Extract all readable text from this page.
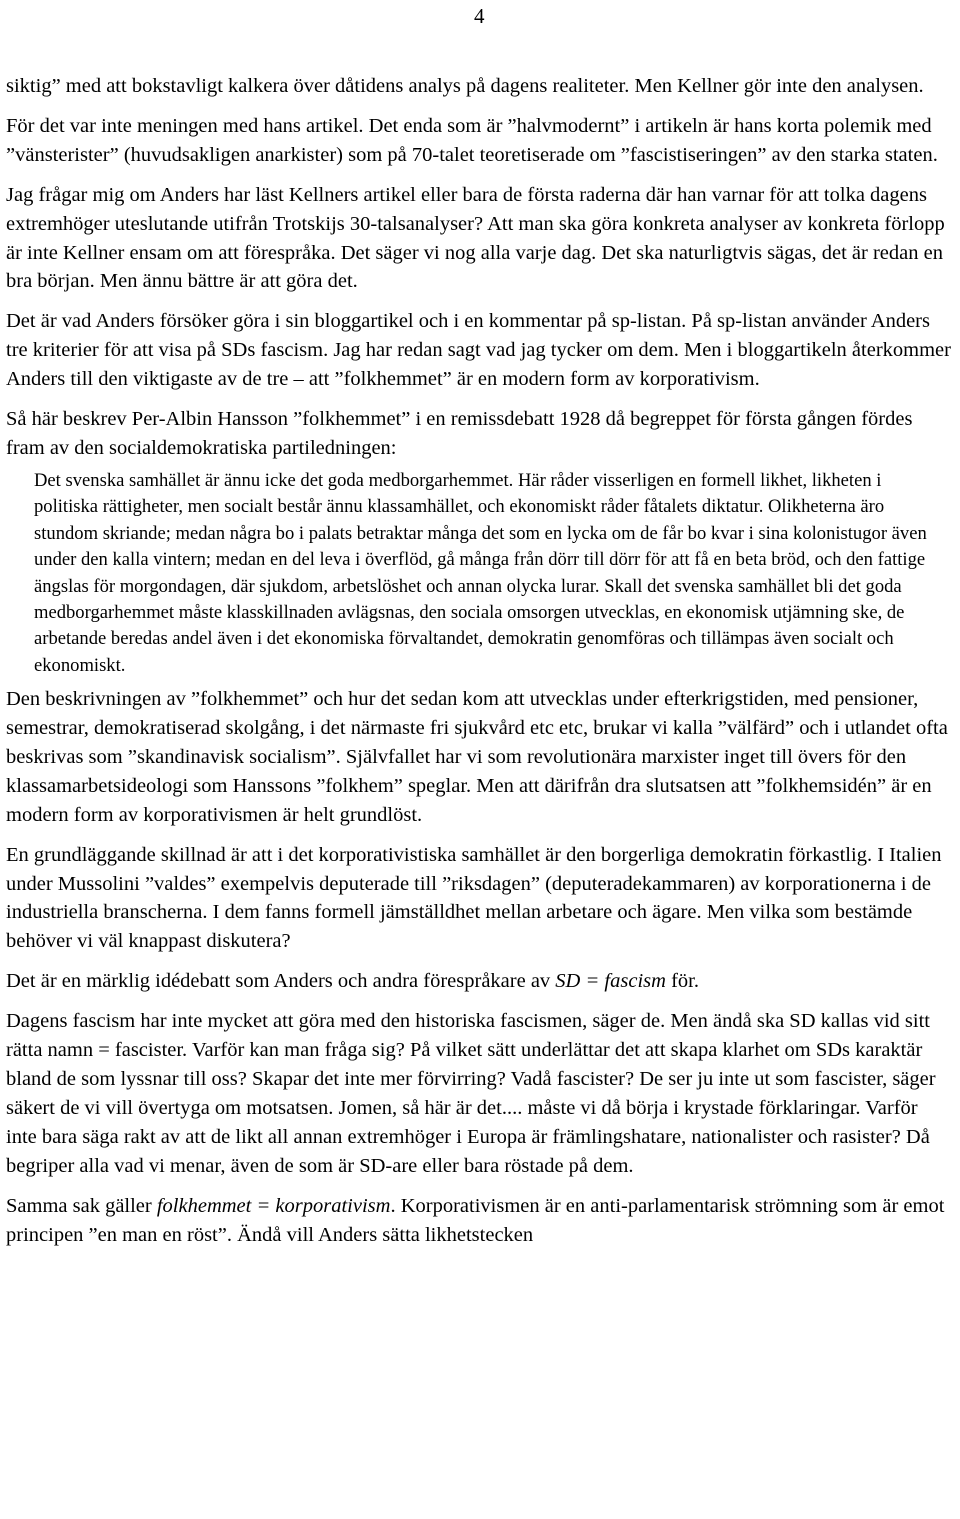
4

siktig” med att bokstavligt kalkera över dåtidens analys på dagens realiteter. Men Kellner gör inte den analysen.

För det var inte meningen med hans artikel. Det enda som är ”halvmodernt” i artikeln är hans korta polemik med ”vänsterister” (huvudsakligen anarkister) som på 70-talet teoretiserade om ”fascistiseringen” av den starka staten.

Jag frågar mig om Anders har läst Kellners artikel eller bara de första raderna där han varnar för att tolka dagens extremhöger uteslutande utifrån Trotskijs 30-talsanalyser? Att man ska göra konkreta analyser av konkreta förlopp är inte Kellner ensam om att förespråka. Det säger vi nog alla varje dag. Det ska naturligtvis sägas, det är redan en bra början. Men ännu bättre är att göra det.

Det är vad Anders försöker göra i sin bloggartikel och i en kommentar på sp-listan. På sp-listan använder Anders tre kriterier för att visa på SDs fascism. Jag har redan sagt vad jag tycker om dem. Men i bloggartikeln återkommer Anders till den viktigaste av de tre – att ”folkhemmet” är en modern form av korporativism.

Så här beskrev Per-Albin Hansson ”folkhemmet” i en remissdebatt 1928 då begreppet för första gången fördes fram av den socialdemokratiska partiledningen:

Det svenska samhället är ännu icke det goda medborgarhemmet. Här råder visserligen en formell likhet, likheten i politiska rättigheter, men socialt består ännu klassamhället, och ekonomiskt råder fåtalets diktatur. Olikheterna äro stundom skriande; medan några bo i palats betraktar många det som en lycka om de får bo kvar i sina kolonistugor även under den kalla vintern; medan en del leva i överflöd, gå många från dörr till dörr för att få en beta bröd, och den fattige ängslas för morgondagen, där sjukdom, arbetslöshet och annan olycka lurar. Skall det svenska samhället bli det goda medborgarhemmet måste klasskillnaden avlägsnas, den sociala omsorgen utvecklas, en ekonomisk utjämning ske, de arbetande beredas andel även i det ekonomiska förvaltandet, demokratin genomföras och tillämpas även socialt och ekonomiskt.

Den beskrivningen av ”folkhemmet” och hur det sedan kom att utvecklas under efterkrigstiden, med pensioner, semestrar, demokratiserad skolgång, i det närmaste fri sjukvård etc etc, brukar vi kalla ”välfärd” och i utlandet ofta beskrivas som ”skandinavisk socialism”. Självfallet har vi som revolutionära marxister inget till övers för den klassamarbetsideologi som Hanssons ”folkhem” speglar. Men att därifrån dra slutsatsen att ”folkhemsidén” är en modern form av korporativismen är helt grundlöst.

En grundläggande skillnad är att i det korporativistiska samhället är den borgerliga demokratin förkastlig. I Italien under Mussolini ”valdes” exempelvis deputerade till ”riksdagen” (deputeradekammaren) av korporationerna i de industriella branscherna. I dem fanns formell jämställdhet mellan arbetare och ägare. Men vilka som bestämde behöver vi väl knappast diskutera?

Det är en märklig idédebatt som Anders och andra förespråkare av SD = fascism för.

Dagens fascism har inte mycket att göra med den historiska fascismen, säger de. Men ändå ska SD kallas vid sitt rätta namn = fascister. Varför kan man fråga sig? På vilket sätt underlättar det att skapa klarhet om SDs karaktär bland de som lyssnar till oss? Skapar det inte mer förvirring? Vadå fascister? De ser ju inte ut som fascister, säger säkert de vi vill övertyga om motsatsen. Jomen, så här är det.... måste vi då börja i krystade förklaringar. Varför inte bara säga rakt av att de likt all annan extremhöger i Europa är främlingshatare, nationalister och rasister? Då begriper alla vad vi menar, även de som är SD-are eller bara röstade på dem.

Samma sak gäller folkhemmet = korporativism. Korporativismen är en anti-parlamentarisk strömning som är emot principen ”en man en röst”. Ändå vill Anders sätta likhetstecken
